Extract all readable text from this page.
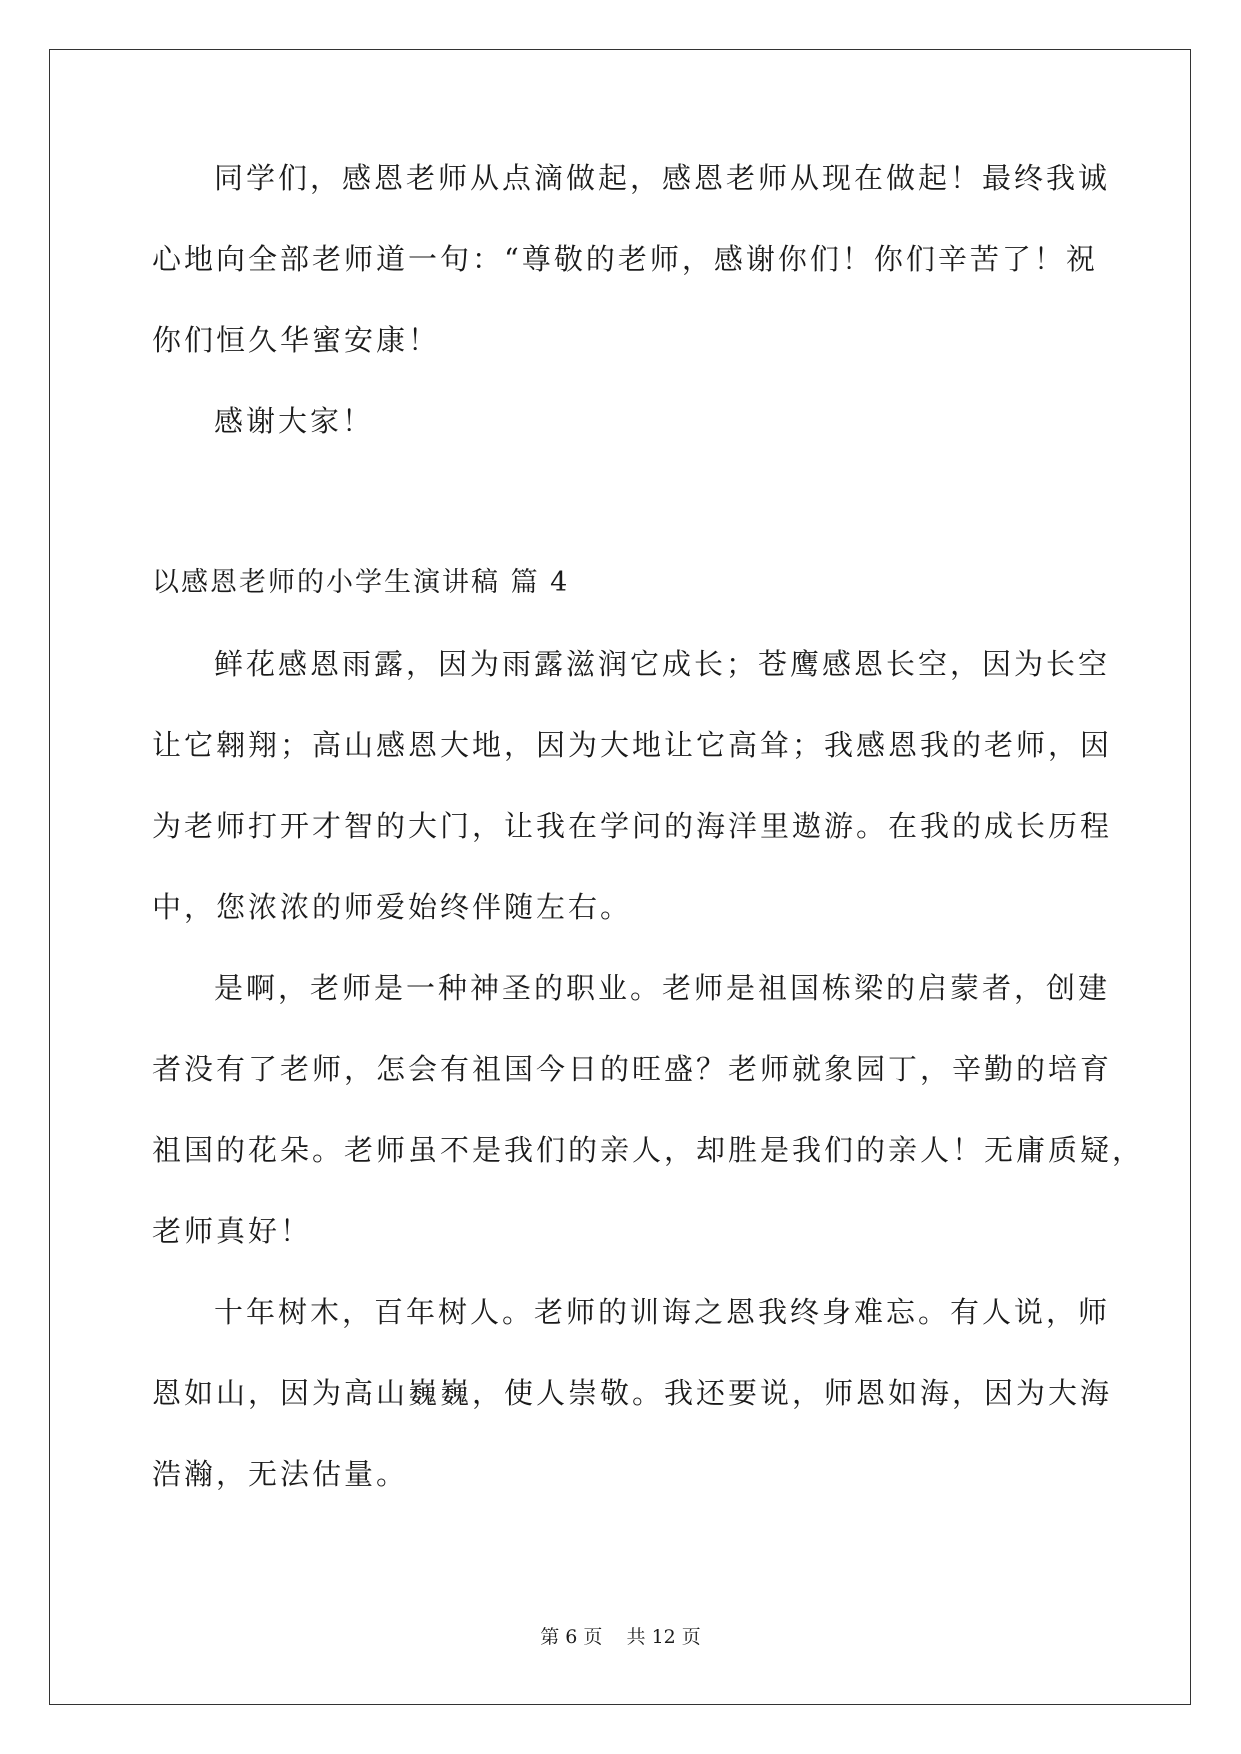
同学们，感恩老师从点滴做起，感恩老师从现在做起！最终我诚
心地向全部老师道一句：“尊敬的老师，感谢你们！你们辛苦了！祝
你们恒久华蜜安康！
感谢大家！
以感恩老师的小学生演讲稿 篇 4
鲜花感恩雨露，因为雨露滋润它成长；苍鹰感恩长空，因为长空
让它翱翔；高山感恩大地，因为大地让它高耸；我感恩我的老师，因
为老师打开才智的大门，让我在学问的海洋里遨游。在我的成长历程
中，您浓浓的师爱始终伴随左右。
是啊，老师是一种神圣的职业。老师是祖国栋梁的启蒙者，创建
者没有了老师，怎会有祖国今日的旺盛？老师就象园丁，辛勤的培育
祖国的花朵。老师虽不是我们的亲人，却胜是我们的亲人！无庸质疑，
老师真好！
十年树木，百年树人。老师的训诲之恩我终身难忘。有人说，师
恩如山，因为高山巍巍，使人崇敬。我还要说，师恩如海，因为大海
浩瀚，无法估量。
第 6 页    共 12 页
